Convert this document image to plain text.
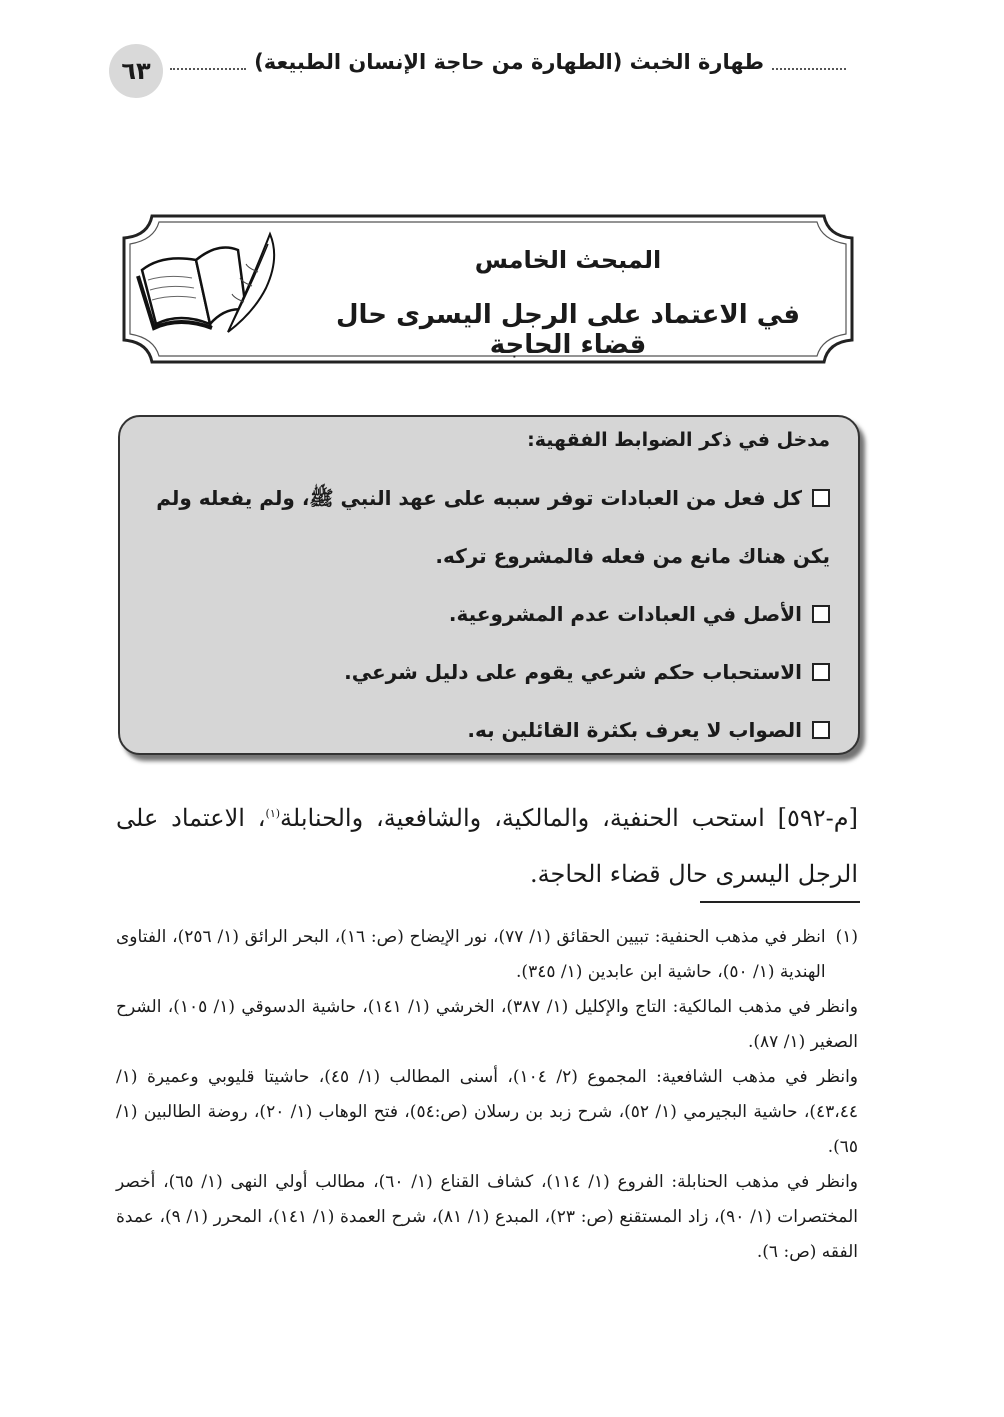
طهارة الخبث (الطهارة من حاجة الإنسان الطبيعة)
٦٣
المبحث الخامس
في الاعتماد على الرجل اليسرى حال قضاء الحاجة
مدخل في ذكر الضوابط الفقهية:
كل فعل من العبادات توفر سببه على عهد النبي ﷺ، ولم يفعله ولم يكن هناك مانع من فعله فالمشروع تركه.
الأصل في العبادات عدم المشروعية.
الاستحباب حكم شرعي يقوم على دليل شرعي.
الصواب لا يعرف بكثرة القائلين به.
[م-٥٩٢] استحب الحنفية، والمالكية، والشافعية، والحنابلة$^{(١)}$، الاعتماد على الرجل اليسرى حال قضاء الحاجة.
(١)

انظر في مذهب الحنفية: تبيين الحقائق (١/ ٧٧)، نور الإيضاح (ص: ١٦)، البحر الرائق (١/ ٢٥٦)، الفتاوى الهندية (١/ ٥٠)، حاشية ابن عابدين (١/ ٣٤٥).

وانظر في مذهب المالكية: التاج والإكليل (١/ ٣٨٧)، الخرشي (١/ ١٤١)، حاشية الدسوقي (١/ ١٠٥)، الشرح الصغير (١/ ٨٧).

وانظر في مذهب الشافعية: المجموع (٢/ ١٠٤)، أسنى المطالب (١/ ٤٥)، حاشيتا قليوبي وعميرة (١/ ٤٣،٤٤)، حاشية البجيرمي (١/ ٥٢)، شرح زبد بن رسلان (ص:٥٤)، فتح الوهاب (١/ ٢٠)، روضة الطالبين (١/ ٦٥).

وانظر في مذهب الحنابلة: الفروع (١/ ١١٤)، كشاف القناع (١/ ٦٠)، مطالب أولي النهى (١/ ٦٥)، أخصر المختصرات (١/ ٩٠)، زاد المستقنع (ص: ٢٣)، المبدع (١/ ٨١)، شرح العمدة (١/ ١٤١)، المحرر (١/ ٩)، عمدة الفقه (ص: ٦).
